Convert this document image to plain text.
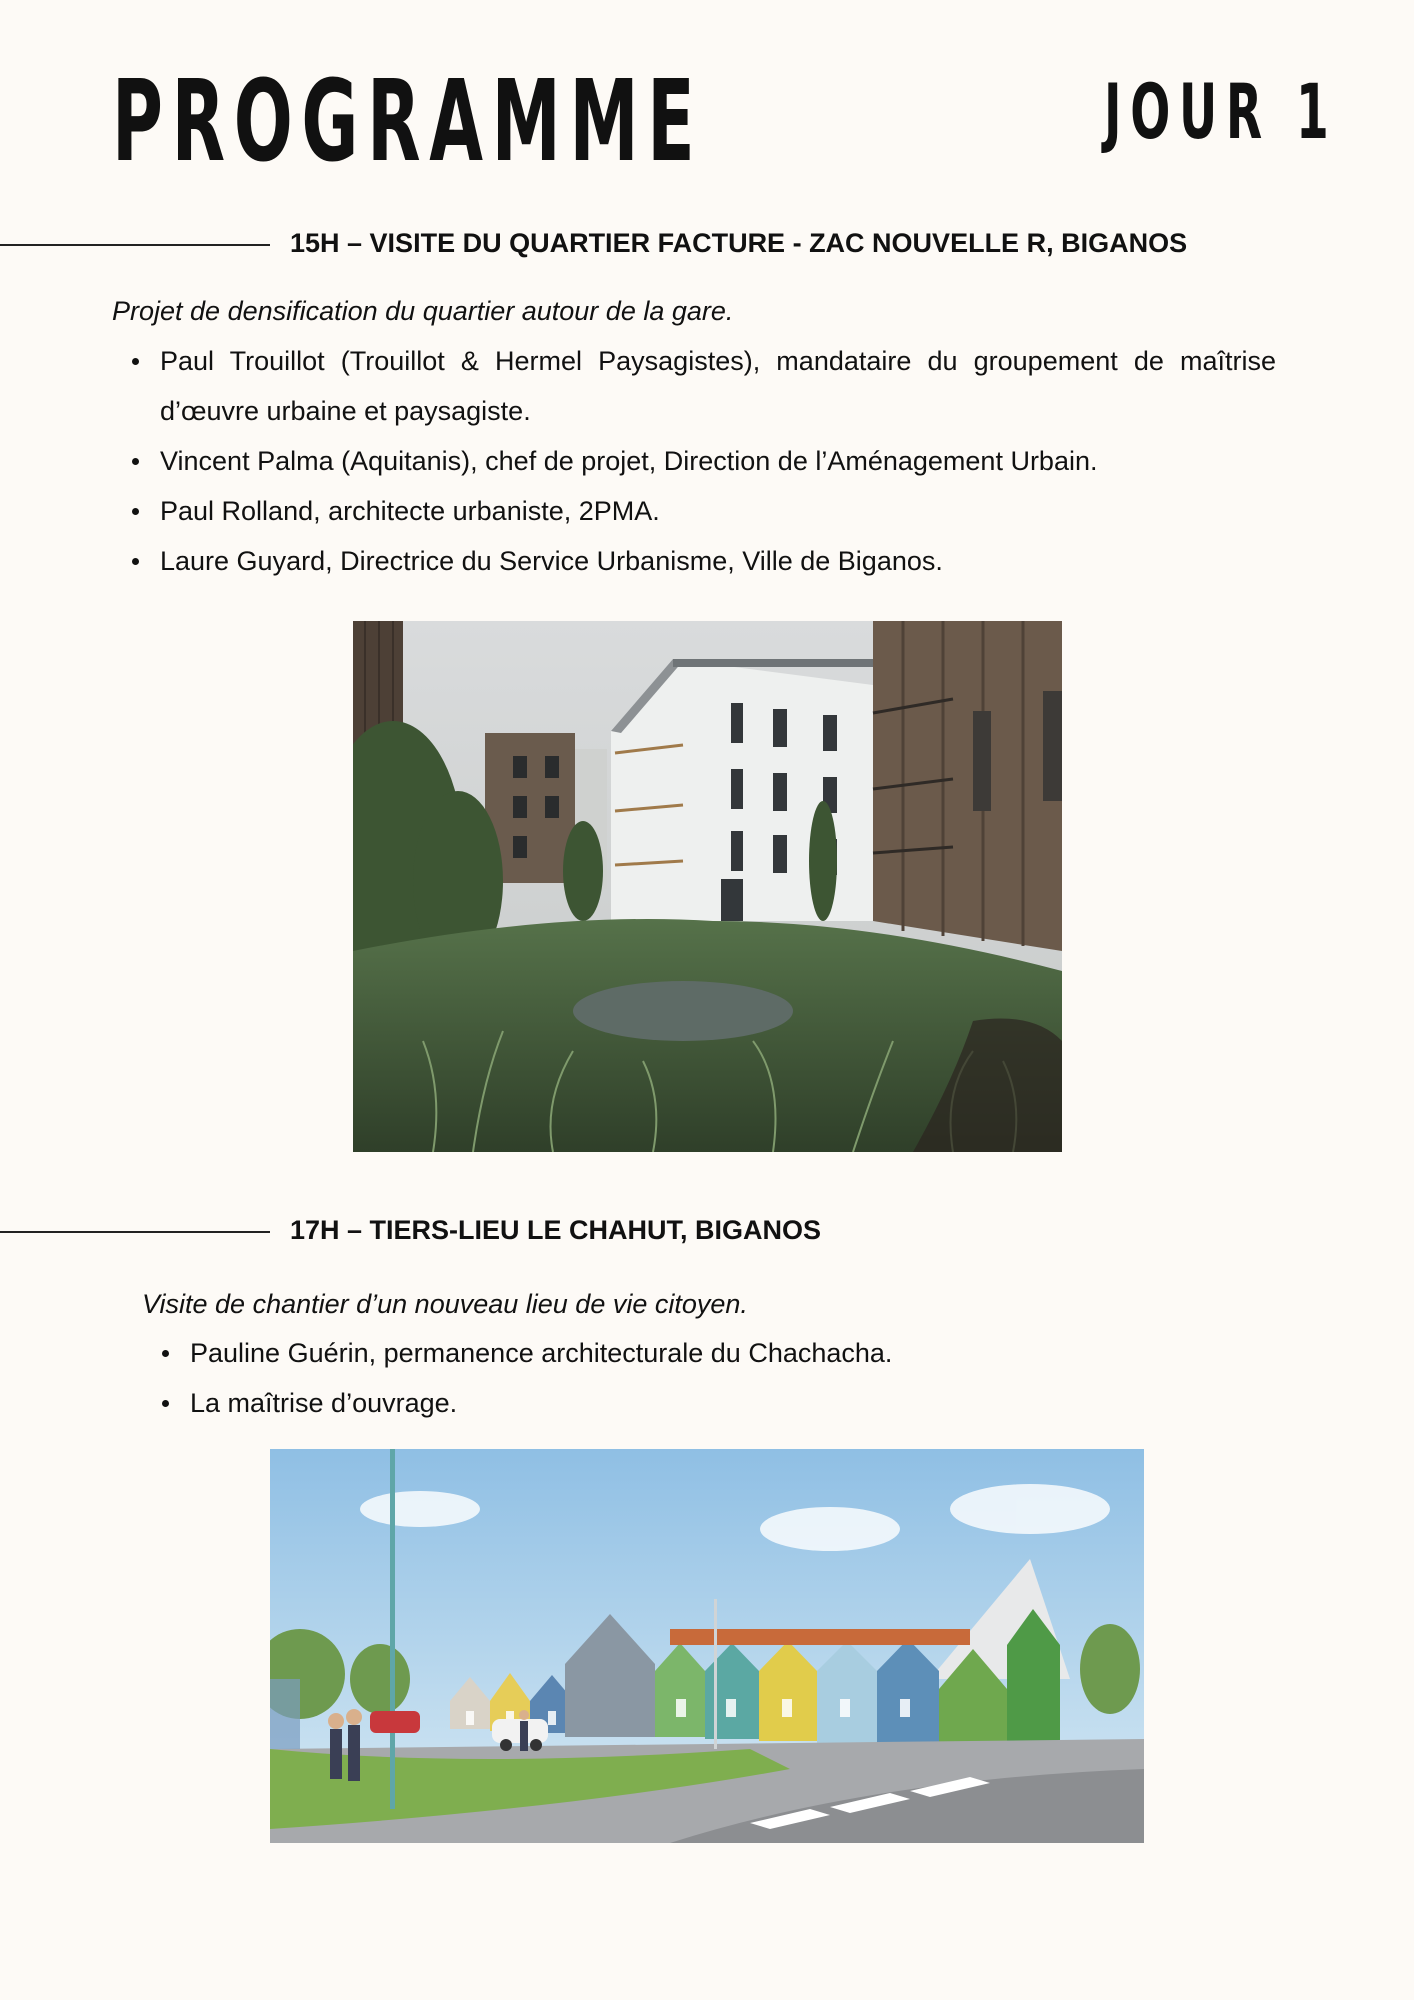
PROGRAMME	JOUR 1
15H – VISITE DU QUARTIER FACTURE - ZAC NOUVELLE R, BIGANOS

Projet de densification du quartier autour de la gare.

Paul Trouillot (Trouillot & Hermel Paysagistes), mandataire du groupement de maîtrise d’œuvre urbaine et paysagiste.
Vincent Palma (Aquitanis), chef de projet, Direction de l’Aménagement Urbain.
Paul Rolland, architecte urbaniste, 2PMA.
Laure Guyard, Directrice du Service Urbanisme, Ville de Biganos.
17H – TIERS-LIEU LE CHAHUT, BIGANOS

Visite de chantier d’un nouveau lieu de vie citoyen.

Pauline Guérin, permanence architecturale du Chachacha.
La maîtrise d’ouvrage.
